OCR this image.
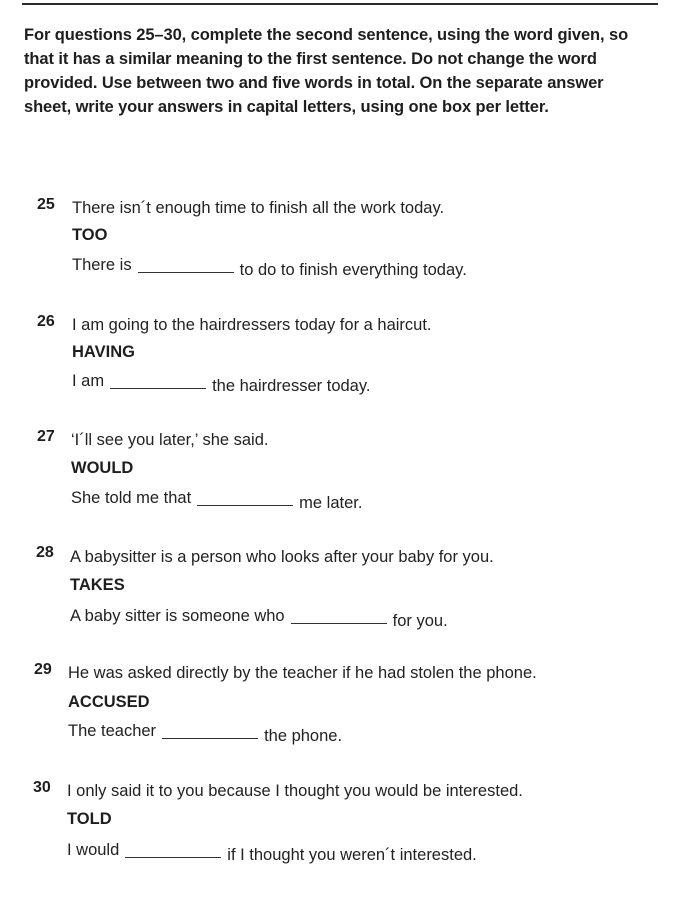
For questions 25–30, complete the second sentence, using the word given, so that it has a similar meaning to the first sentence. Do not change the word provided. Use between two and five words in total. On the separate answer sheet, write your answers in capital letters, using one box per letter.

25 There isn´t enough time to finish all the work today.
TOO
There is	to do to finish everything today.
26 I am going to the hairdressers today for a haircut.
HAVING
I am	the hairdresser today.
27 ‘I´ll see you later,’ she said.
WOULD
She told me that	me later.
28 A babysitter is a person who looks after your baby for you.
TAKES
A baby sitter is someone who	for you.
29 He was asked directly by the teacher if he had stolen the phone.
ACCUSED
The teacher	the phone.
30 I only said it to you because I thought you would be interested.
TOLD
I would	if I thought you weren´t interested.
